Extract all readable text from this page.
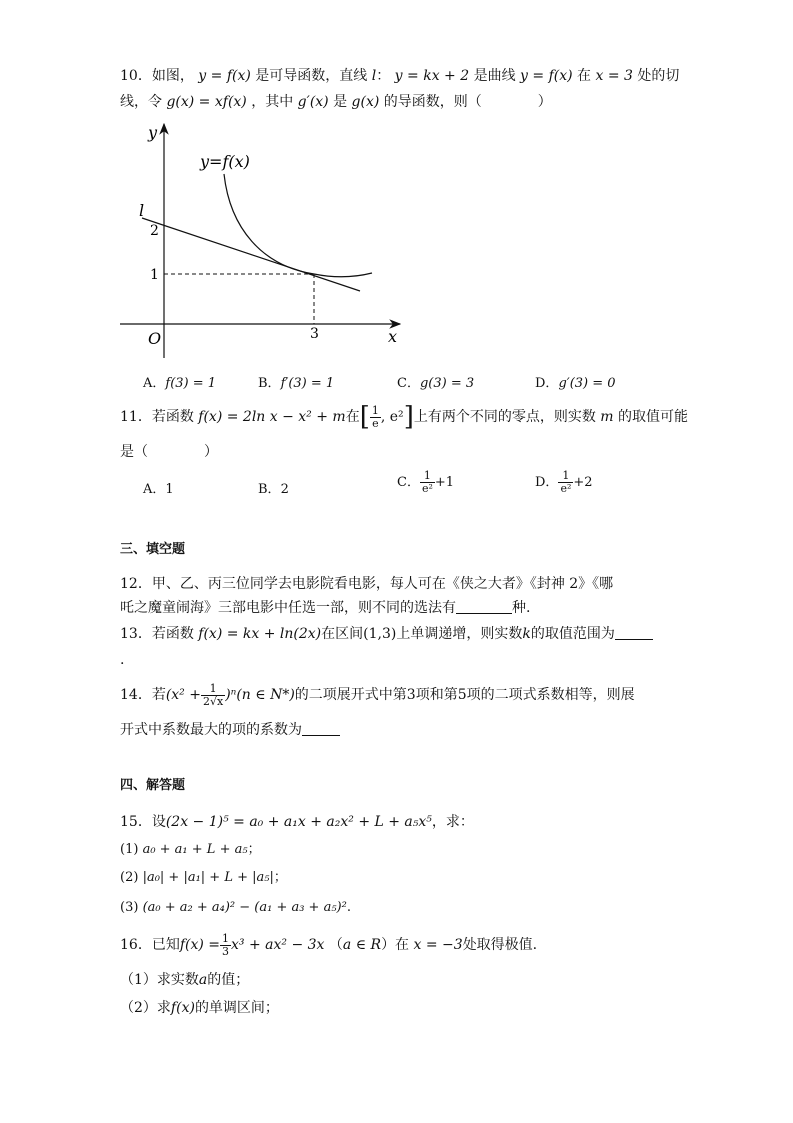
10．如图， y = f(x) 是可导函数，直线 l： y = kx + 2 是曲线 y = f(x) 在 x = 3 处的切
线，令 g(x) = xf(x) ，其中 g′(x) 是 g(x) 的导函数，则（　　　　）
y
x
O
2
1
3
l
y=f(x)
A．f(3) = 1	B．f′(3) = 1	C．g(3) = 3	D．g′(3) = 0
11．若函数 f(x) = 2ln x − x² + m在[ $\frac{1}{e}$ , e²]上有两个不同的零点，则实数 m 的取值可能
是（　　　　）
A．1	B．2	C． $\frac{1}{\text{e²}} +1$	D． $\frac{1}{\text{e²}} +2$
三、填空题
12．甲、乙、丙三位同学去电影院看电影，每人可在《侠之大者》《封神 2》《哪
吒之魔童闹海》三部电影中任选一部，则不同的选法有	种.
13．若函数 f(x) = kx + ln(2x)在区间(1,3)上单调递增，则实数k的取值范围为
.
14．若$(x^2 + \frac{1}{2√x} )^n(n$ ∈ N*)的二项展开式中第3项和第5项的二项式系数相等，则展
开式中系数最大的项的系数为
四、解答题
15．设(2x − 1)⁵ = a₀ + a₁x + a₂x² + L + a₅x⁵，求：
(1) a₀ + a₁ + L + a₅；
(2) |a₀| + |a₁| + L + |a₅|；
(3) (a₀ + a₂ + a₄)² − (a₁ + a₃ + a₅)².
16．已知$f(x) = \frac{1}{3} x^3 + ax^2 - 3x$ （a ∈ R）在 x = −3处取得极值.
（1）求实数a的值；
（2）求f(x)的单调区间；
